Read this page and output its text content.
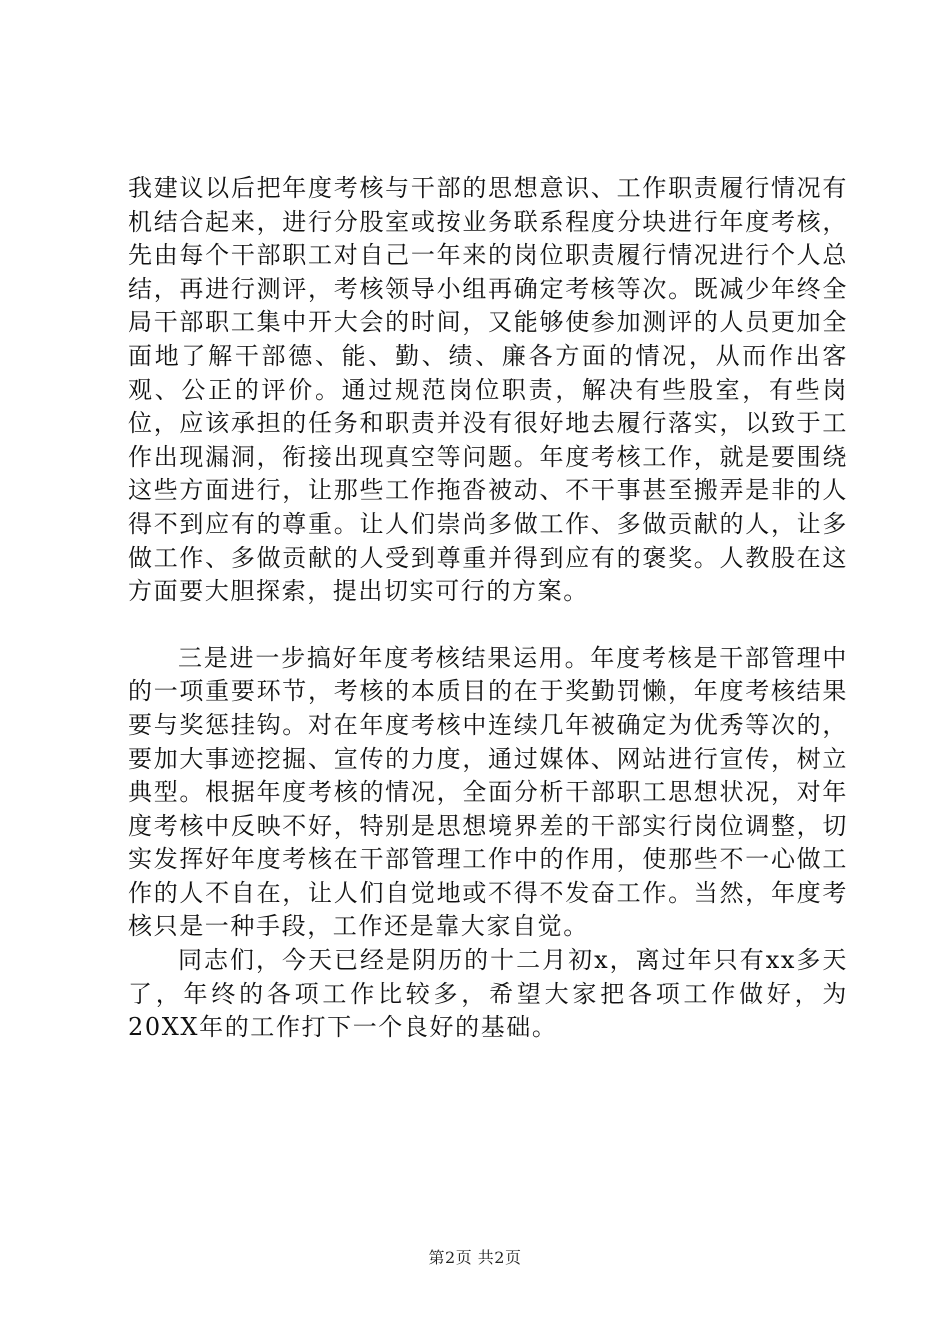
我建议以后把年度考核与干部的思想意识、工作职责履行情况有机结合起来，进行分股室或按业务联系程度分块进行年度考核，先由每个干部职工对自己一年来的岗位职责履行情况进行个人总结，再进行测评，考核领导小组再确定考核等次。既减少年终全局干部职工集中开大会的时间，又能够使参加测评的人员更加全面地了解干部德、能、勤、绩、廉各方面的情况，从而作出客观、公正的评价。通过规范岗位职责，解决有些股室，有些岗位，应该承担的任务和职责并没有很好地去履行落实，以致于工作出现漏洞，衔接出现真空等问题。年度考核工作，就是要围绕这些方面进行，让那些工作拖沓被动、不干事甚至搬弄是非的人得不到应有的尊重。让人们崇尚多做工作、多做贡献的人，让多做工作、多做贡献的人受到尊重并得到应有的褒奖。人教股在这方面要大胆探索，提出切实可行的方案。

三是进一步搞好年度考核结果运用。年度考核是干部管理中的一项重要环节，考核的本质目的在于奖勤罚懒，年度考核结果要与奖惩挂钩。对在年度考核中连续几年被确定为优秀等次的，要加大事迹挖掘、宣传的力度，通过媒体、网站进行宣传，树立典型。根据年度考核的情况，全面分析干部职工思想状况，对年度考核中反映不好，特别是思想境界差的干部实行岗位调整，切实发挥好年度考核在干部管理工作中的作用，使那些不一心做工作的人不自在，让人们自觉地或不得不发奋工作。当然，年度考核只是一种手段，工作还是靠大家自觉。

同志们，今天已经是阴历的十二月初x，离过年只有xx多天了，年终的各项工作比较多，希望大家把各项工作做好，为20XX年的工作打下一个良好的基础。

第2页 共2页
